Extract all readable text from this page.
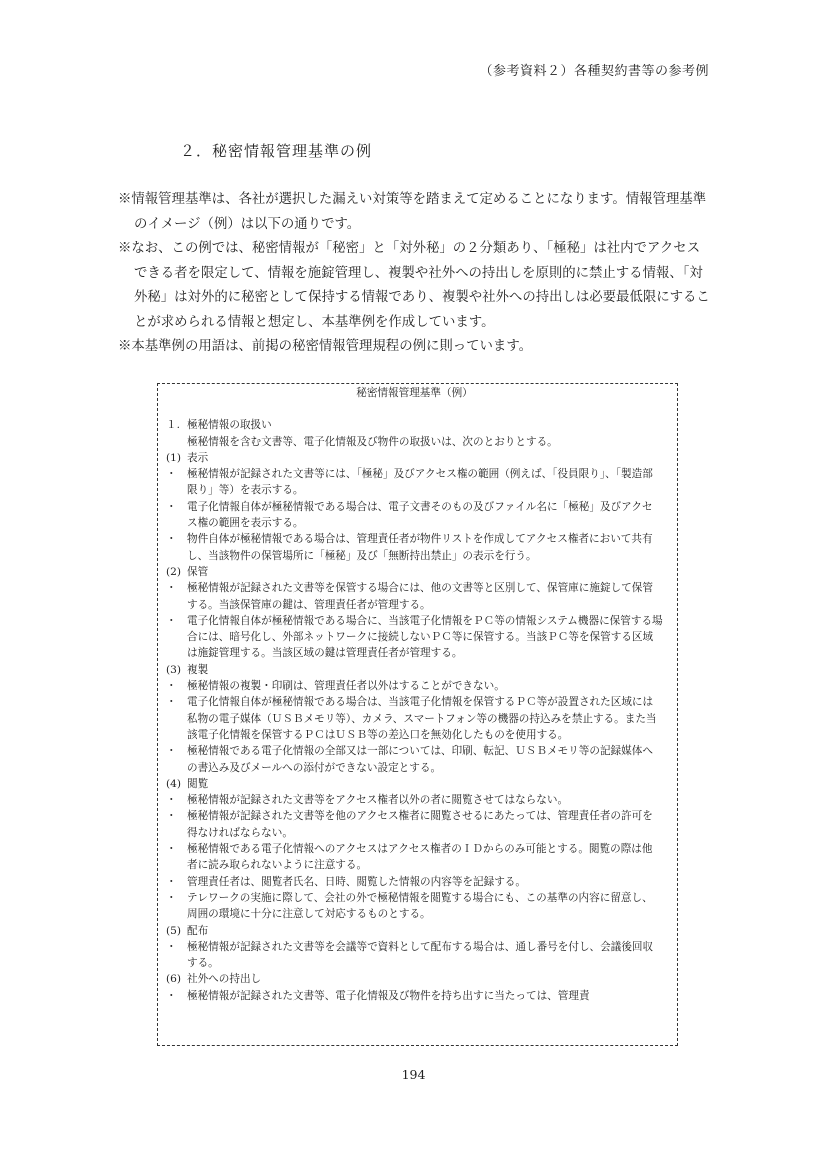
（参考資料２）各種契約書等の参考例
２．秘密情報管理基準の例

※情報管理基準は、各社が選択した漏えい対策等を踏まえて定めることになります。情報管理基準のイメージ（例）は以下の通りです。

※なお、この例では、秘密情報が「秘密」と「対外秘」の２分類あり、「極秘」は社内でアクセスできる者を限定して、情報を施錠管理し、複製や社外への持出しを原則的に禁止する情報、「対外秘」は対外的に秘密として保持する情報であり、複製や社外への持出しは必要最低限にすることが求められる情報と想定し、本基準例を作成しています。

※本基準例の用語は、前掲の秘密情報管理規程の例に則っています。

秘密情報管理基準（例）

１. 極秘情報の取扱い

極秘情報を含む文書等、電子化情報及び物件の取扱いは、次のとおりとする。

(1) 表示
・ 極秘情報が記録された文書等には、「極秘」及びアクセス権の範囲（例えば、「役員限り」、「製造部限り」等）を表示する。
・ 電子化情報自体が極秘情報である場合は、電子文書そのもの及びファイル名に「極秘」及びアクセス権の範囲を表示する。
・ 物件自体が極秘情報である場合は、管理責任者が物件リストを作成してアクセス権者において共有し、当該物件の保管場所に「極秘」及び「無断持出禁止」の表示を行う。
(2) 保管
・ 極秘情報が記録された文書等を保管する場合には、他の文書等と区別して、保管庫に施錠して保管する。当該保管庫の鍵は、管理責任者が管理する。
・ 電子化情報自体が極秘情報である場合に、当該電子化情報をＰＣ等の情報システム機器に保管する場合には、暗号化し、外部ネットワークに接続しないＰＣ等に保管する。当該ＰＣ等を保管する区域は施錠管理する。当該区域の鍵は管理責任者が管理する。
(3) 複製
・ 極秘情報の複製・印刷は、管理責任者以外はすることができない。
・ 電子化情報自体が極秘情報である場合は、当該電子化情報を保管するＰＣ等が設置された区域には私物の電子媒体（ＵＳＢメモリ等）、カメラ、スマートフォン等の機器の持込みを禁止する。また当該電子化情報を保管するＰＣはＵＳＢ等の差込口を無効化したものを使用する。
・ 極秘情報である電子化情報の全部又は一部については、印刷、転記、ＵＳＢメモリ等の記録媒体への書込み及びメールへの添付ができない設定とする。
(4) 閲覧
・ 極秘情報が記録された文書等をアクセス権者以外の者に閲覧させてはならない。
・ 極秘情報が記録された文書等を他のアクセス権者に閲覧させるにあたっては、管理責任者の許可を得なければならない。
・ 極秘情報である電子化情報へのアクセスはアクセス権者のＩＤからのみ可能とする。閲覧の際は他者に読み取られないように注意する。
・ 管理責任者は、閲覧者氏名、日時、閲覧した情報の内容等を記録する。
・ テレワークの実施に際して、会社の外で極秘情報を閲覧する場合にも、この基準の内容に留意し、周囲の環境に十分に注意して対応するものとする。
(5) 配布
・ 極秘情報が記録された文書等を会議等で資料として配布する場合は、通し番号を付し、会議後回収する。
(6) 社外への持出し
・ 極秘情報が記録された文書等、電子化情報及び物件を持ち出すに当たっては、管理責
194
